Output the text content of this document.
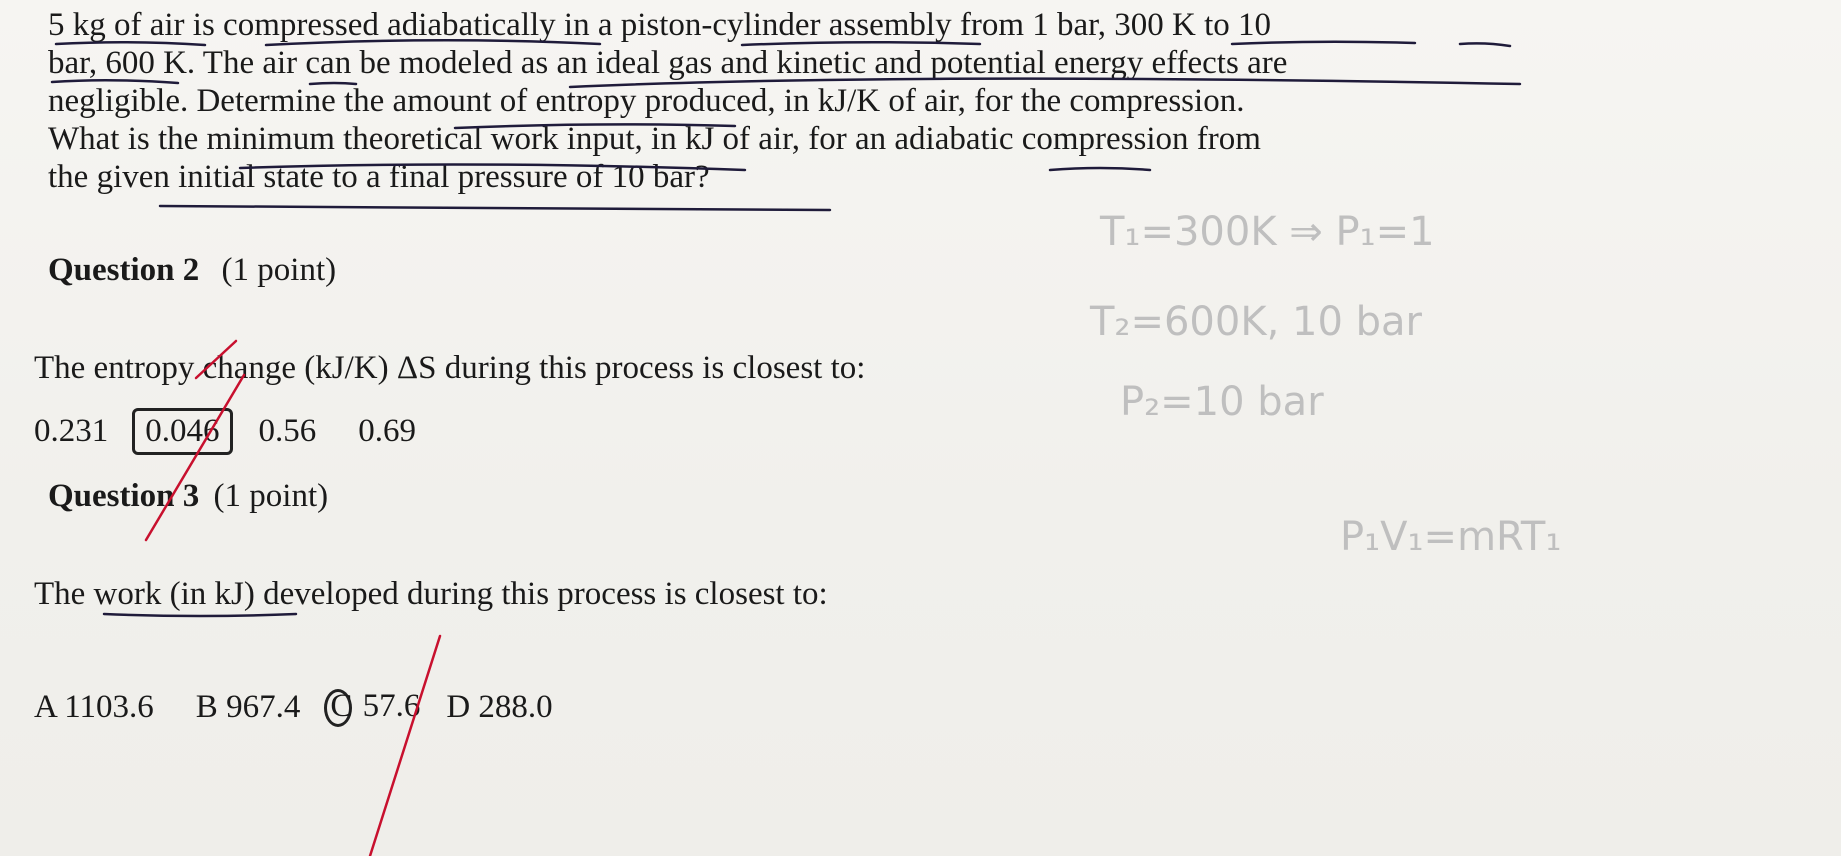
5 kg of air is compressed adiabatically in a piston-cylinder assembly from 1 bar, 300 K to 10

bar, 600 K. The air can be modeled as an ideal gas and kinetic and potential energy effects are

negligible. Determine the amount of entropy produced, in kJ/K of air, for the compression.

What is the minimum theoretical work input, in kJ of air, for an adiabatic compression from

the given initial state to a final pressure of 10 bar?

Question 2 (1 point)
The entropy change (kJ/K) ΔS during this process is closest to:
0.231	0.046	0.56 0.69
Question 3 (1 point)
The work (in kJ) developed during this process is closest to:
A 1103.6 B 967.4
C 57.6 D 288.0
T₁=300K ⇒ P₁=1
T₂=600K, 10 bar
P₂=10 bar
P₁V₁=mRT₁
